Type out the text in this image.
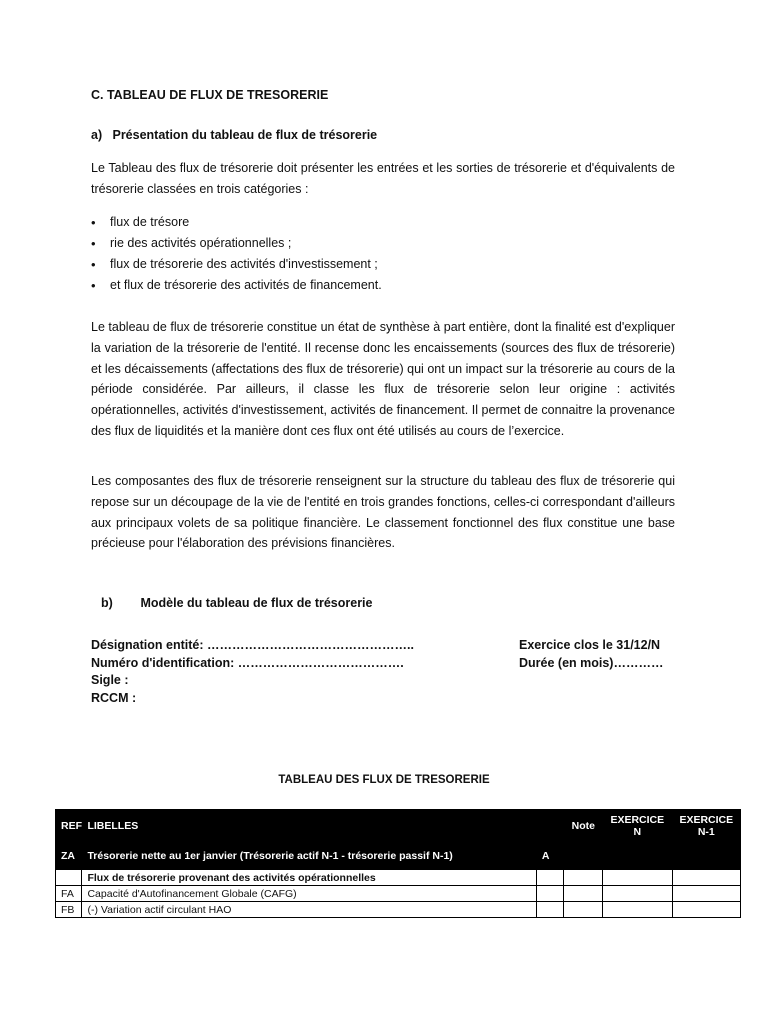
C. TABLEAU DE FLUX DE TRESORERIE
a) Présentation du tableau de flux de trésorerie
Le Tableau des flux de trésorerie doit présenter les entrées et les sorties de trésorerie et d'équivalents de trésorerie classées en trois catégories :
• flux de trésore
• rie des activités opérationnelles ;
• flux de trésorerie des activités d'investissement ;
• et flux de trésorerie des activités de financement.
Le tableau de flux de trésorerie constitue un état de synthèse à part entière, dont la finalité est d'expliquer la variation de la trésorerie de l'entité. Il recense donc les encaissements (sources des flux de trésorerie) et les décaissements (affectations des flux de trésorerie) qui ont un impact sur la trésorerie au cours de la période considérée. Par ailleurs, il classe les flux de trésorerie selon leur origine : activités opérationnelles, activités d'investissement, activités de financement. Il permet de connaitre la provenance des flux de liquidités et la manière dont ces flux ont été utilisés au cours de l’exercice.
Les composantes des flux de trésorerie renseignent sur la structure du tableau des flux de trésorerie qui repose sur un découpage de la vie de l'entité en trois grandes fonctions, celles-ci correspondant d'ailleurs aux principaux volets de sa politique financière. Le classement fonctionnel des flux constitue une base précieuse pour l'élaboration des prévisions financières.
b) Modèle du tableau de flux de trésorerie
Désignation entité: …………………………………………..
Numéro d'identification: ………………………………….
Sigle :
RCCM :
Exercice clos le 31/12/N
Durée (en mois)…………
TABLEAU DES FLUX DE TRESORERIE
REF	LIBELLES		Note	EXERCICE N	EXERCICE N-1
ZA	Trésorerie nette au 1er janvier (Trésorerie actif N-1 - trésorerie passif N-1)	A			
	Flux de trésorerie provenant des activités opérationnelles				
FA	Capacité d'Autofinancement Globale (CAFG)				
FB	(-) Variation actif circulant HAO				
